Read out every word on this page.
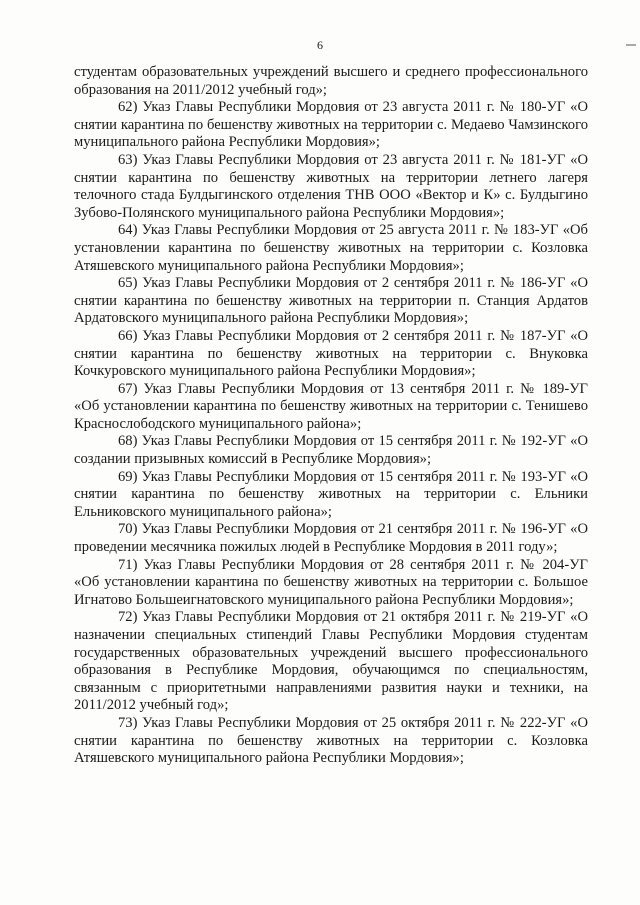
6

студентам образовательных учреждений высшего и среднего профессионального образования на 2011/2012 учебный год»;

62) Указ Главы Республики Мордовия от 23 августа 2011 г. № 180-УГ «О снятии карантина по бешенству животных на территории с. Медаево Чамзинского муниципального района Республики Мордовия»;

63) Указ Главы Республики Мордовия от 23 августа 2011 г. № 181-УГ «О снятии карантина по бешенству животных на территории летнего лагеря телочного стада Булдыгинского отделения ТНВ ООО «Вектор и К» с. Булдыгино Зубово-Полянского муниципального района Республики Мордовия»;

64) Указ Главы Республики Мордовия от 25 августа 2011 г. № 183-УГ «Об установлении карантина по бешенству животных на территории с. Козловка Атяшевского муниципального района Республики Мордовия»;

65) Указ Главы Республики Мордовия от 2 сентября 2011 г. № 186-УГ «О снятии карантина по бешенству животных на территории п. Станция Ардатов Ардатовского муниципального района Республики Мордовия»;

66) Указ Главы Республики Мордовия от 2 сентября 2011 г. № 187-УГ «О снятии карантина по бешенству животных на территории с. Внуковка Кочкуровского муниципального района Республики Мордовия»;

67) Указ Главы Республики Мордовия от 13 сентября 2011 г. № 189-УГ «Об установлении карантина по бешенству животных на территории с. Тенишево Краснослободского муниципального района»;

68) Указ Главы Республики Мордовия от 15 сентября 2011 г. № 192-УГ «О создании призывных комиссий в Республике Мордовия»;

69) Указ Главы Республики Мордовия от 15 сентября 2011 г. № 193-УГ «О снятии карантина по бешенству животных на территории с. Ельники Ельниковского муниципального района»;

70) Указ Главы Республики Мордовия от 21 сентября 2011 г. № 196-УГ «О проведении месячника пожилых людей в Республике Мордовия в 2011 году»;

71) Указ Главы Республики Мордовия от 28 сентября 2011 г. № 204-УГ «Об установлении карантина по бешенству животных на территории с. Большое Игнатово Большеигнатовского муниципального района Республики Мордовия»;

72) Указ Главы Республики Мордовия от 21 октября 2011 г. № 219-УГ «О назначении специальных стипендий Главы Республики Мордовия студентам государственных образовательных учреждений высшего профессионального образования в Республике Мордовия, обучающимся по специальностям, связанным с приоритетными направлениями развития науки и техники, на 2011/2012 учебный год»;

73) Указ Главы Республики Мордовия от 25 октября 2011 г. № 222-УГ «О снятии карантина по бешенству животных на территории с. Козловка Атяшевского муниципального района Республики Мордовия»;
